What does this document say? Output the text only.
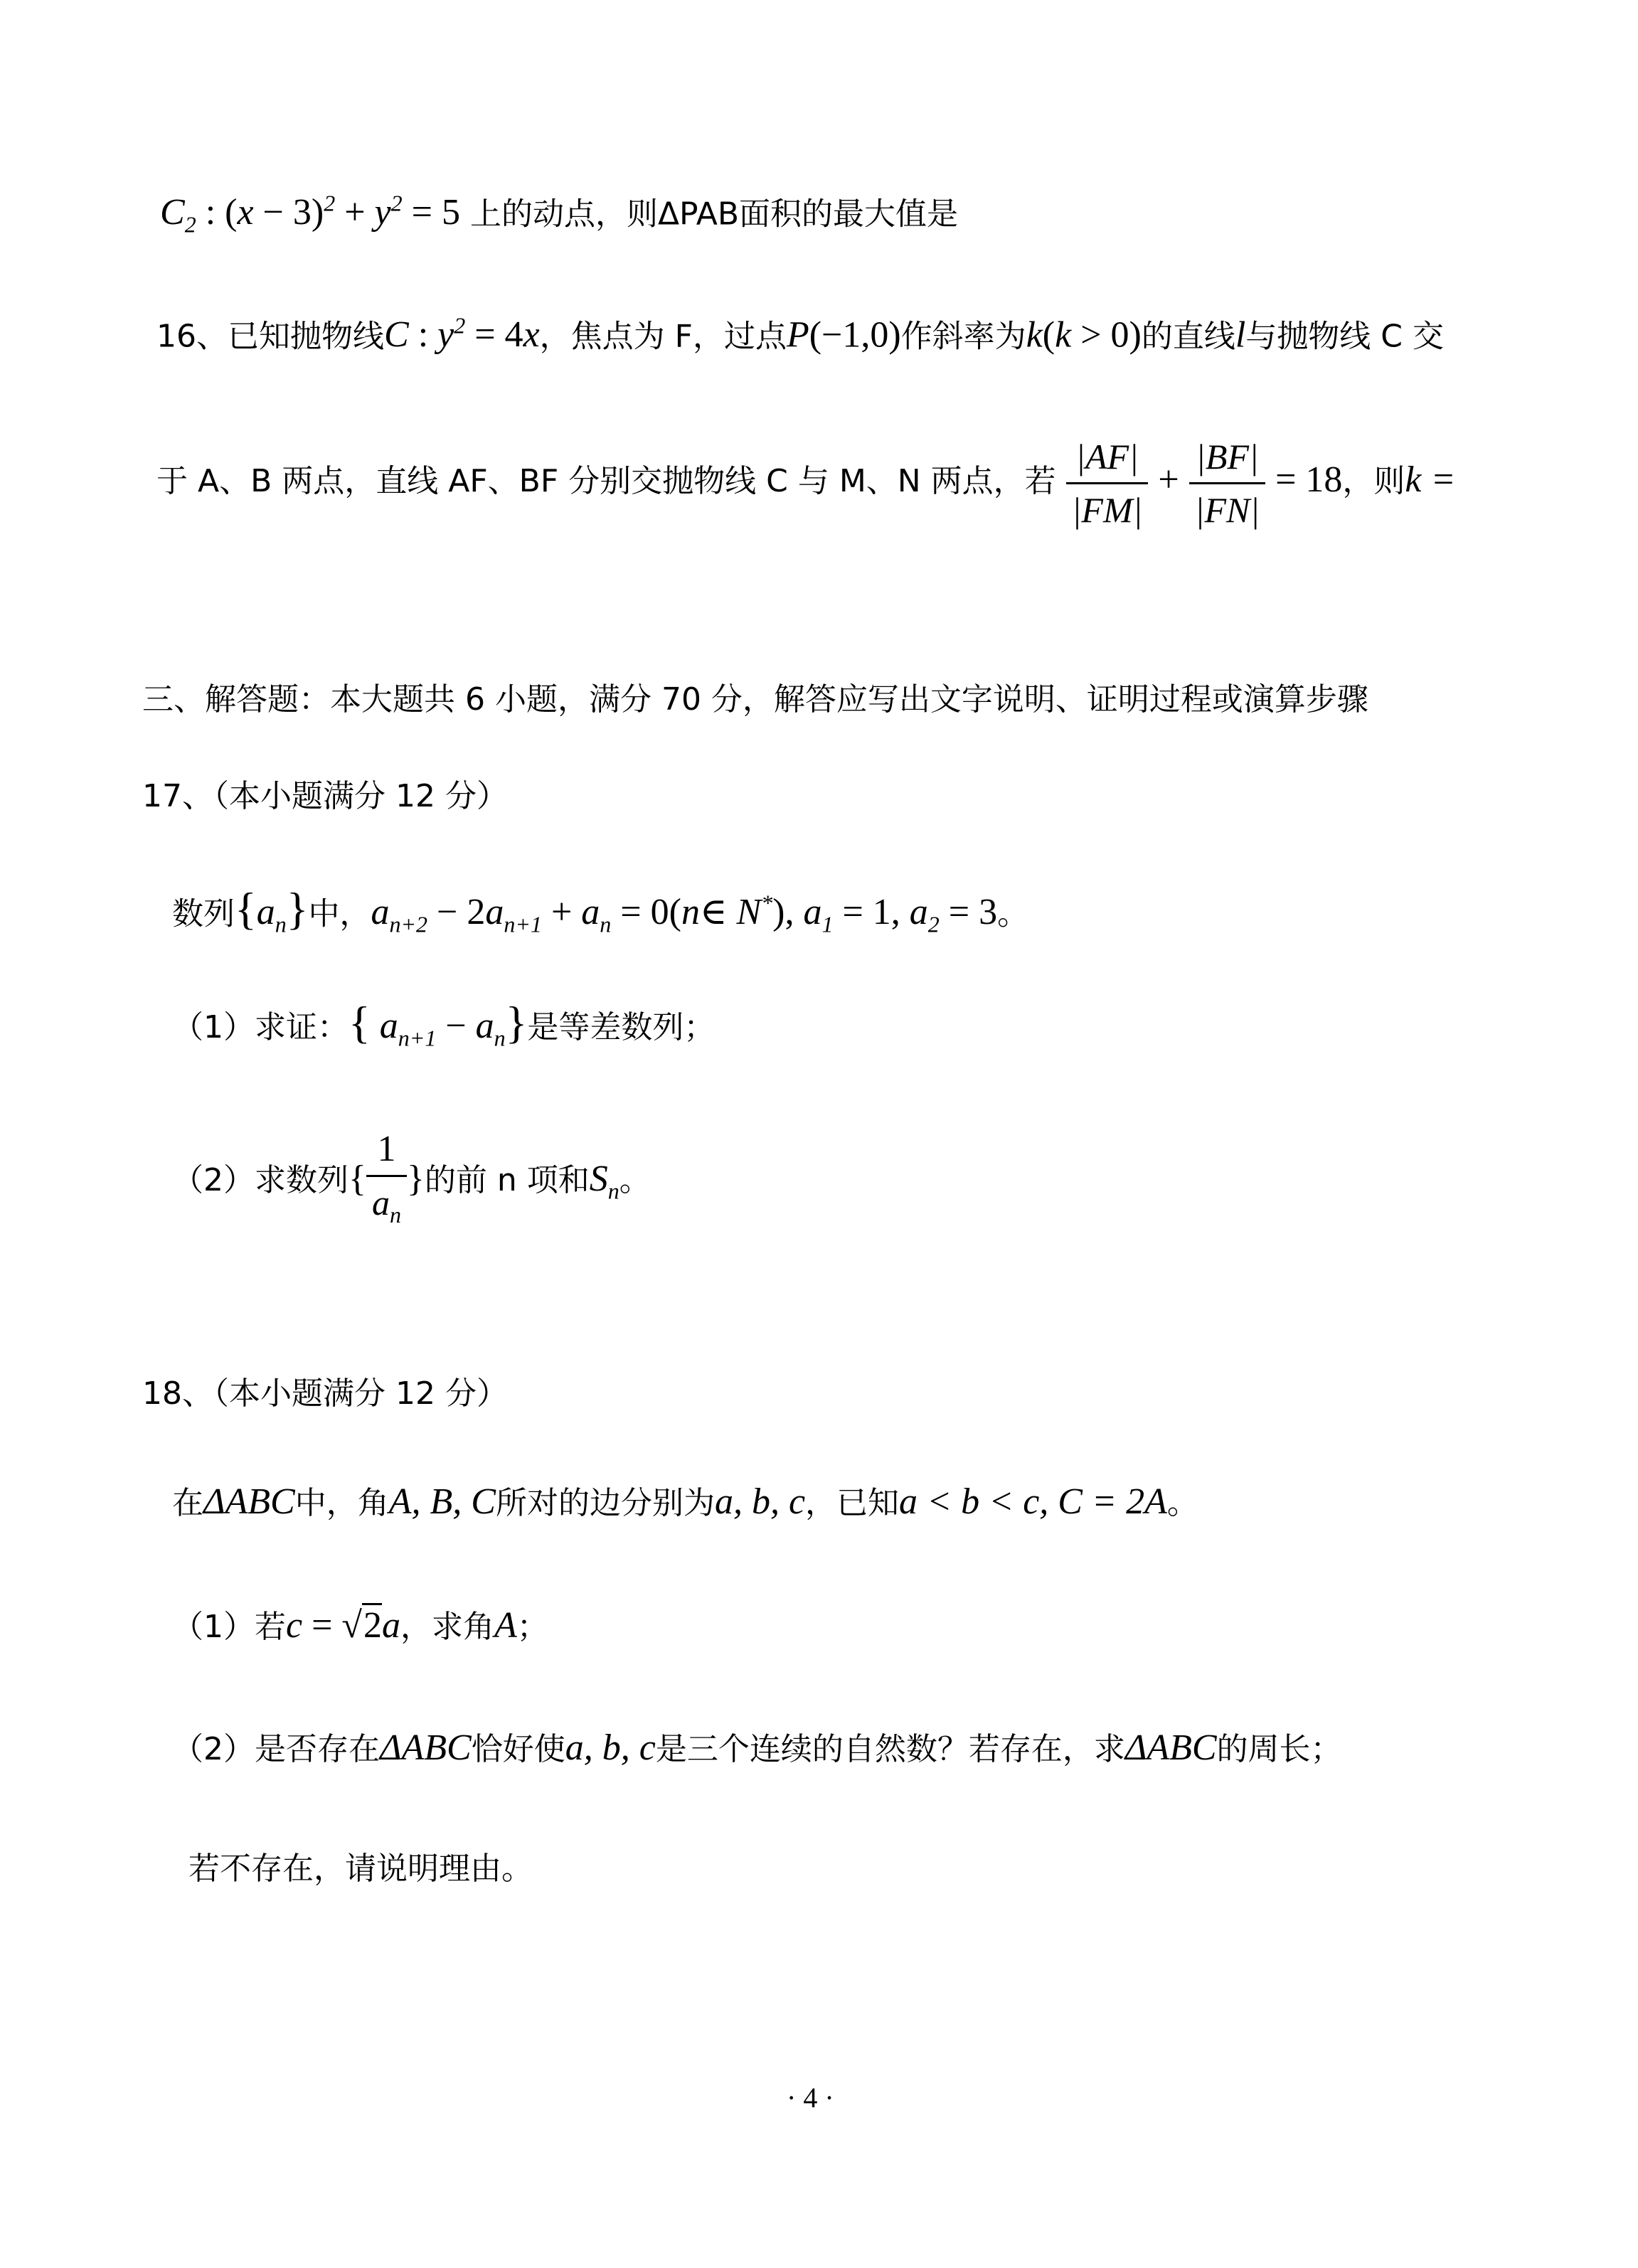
$C_2$ : $(x - 3)^2 + y^2 = 5$ 上的动点，则ΔPAB面积的最大值是
16、已知抛物线C : $y^2 = 4x$，焦点为 F，过点P(−1,0)作斜率为k(k > 0)的直线l与抛物线 C 交
于 A、B 两点，直线 AF、BF 分别交抛物线 C 与 M、N 两点，若 $\frac{|AF|}{|FM|} + \frac{|BF|}{|FN|} = 18$，则k =
三、解答题：本大题共 6 小题，满分 70 分，解答应写出文字说明、证明过程或演算步骤
17、（本小题满分 12 分）
数列$\{a_n\}$中，$a_{n+2} - 2a_{n+1} + a_n$ = 0(n∈ N*), $a_1 = 1$, $a_2 = 3$。
（1）求证：{ $a_{n+1} - a_n$}是等差数列；
（2）求数列{ $\frac{1}{a_n}$ }的前 n 项和$S_n$。
18、（本小题满分 12 分）
在ΔABC中，角A, B, C所对的边分别为a, b, c，已知a < b < c, C = 2A。
（1）若c = √2a，求角A；
（2）是否存在ΔABC恰好使a, b, c是三个连续的自然数？若存在，求ΔABC的周长；
若不存在，请说明理由。
· 4 ·
